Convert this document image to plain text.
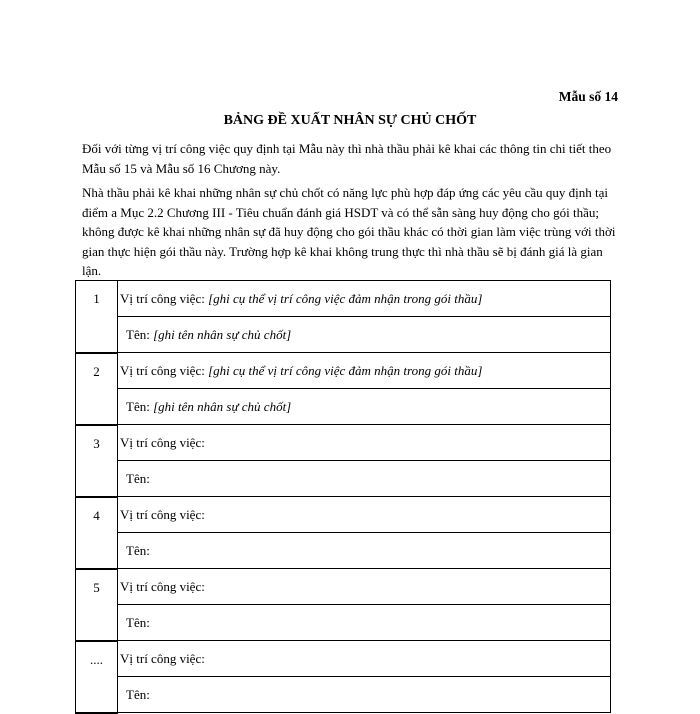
Mẫu số 14

BẢNG ĐỀ XUẤT NHÂN SỰ CHỦ CHỐT

Đối với từng vị trí công việc quy định tại Mẫu này thì nhà thầu phải kê khai các thông tin chi tiết theo Mẫu số 15 và Mẫu số 16 Chương này.

Nhà thầu phải kê khai những nhân sự chủ chốt có năng lực phù hợp đáp ứng các yêu cầu quy định tại điểm a Mục 2.2 Chương III - Tiêu chuẩn đánh giá HSDT và có thể sẵn sàng huy động cho gói thầu; không được kê khai những nhân sự đã huy động cho gói thầu khác có thời gian làm việc trùng với thời gian thực hiện gói thầu này. Trường hợp kê khai không trung thực thì nhà thầu sẽ bị đánh giá là gian lận.

1	Vị trí công việc: [ghi cụ thể vị trí công việc đảm nhận trong gói thầu]
	Tên: [ghi tên nhân sự chủ chốt]
2	Vị trí công việc: [ghi cụ thể vị trí công việc đảm nhận trong gói thầu]
	Tên: [ghi tên nhân sự chủ chốt]
3	Vị trí công việc:
	Tên:
4	Vị trí công việc:
	Tên:
5	Vị trí công việc:
	Tên:
....	Vị trí công việc:
	Tên:
